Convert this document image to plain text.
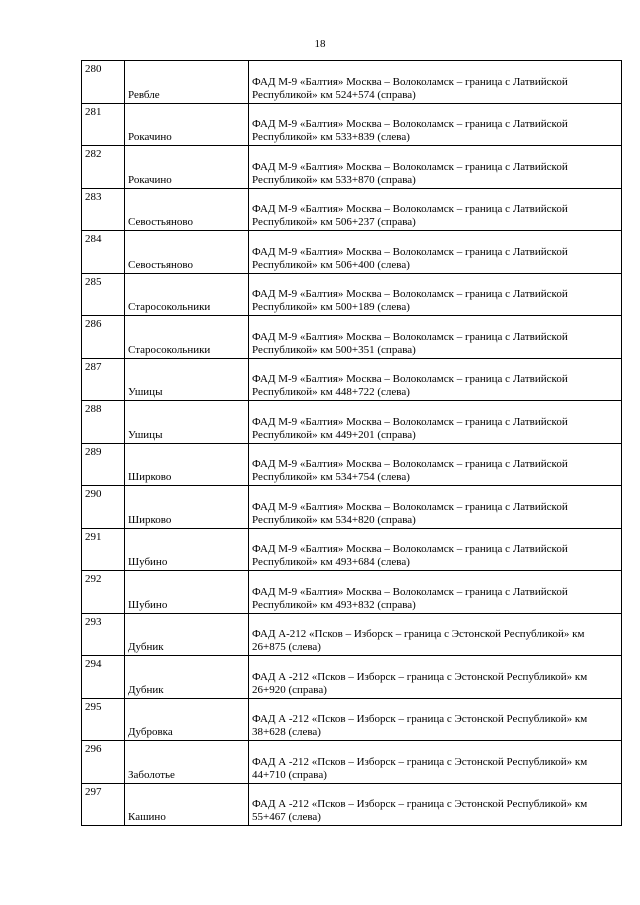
18
280	Ревбле	ФАД М-9 «Балтия» Москва – Волоколамск – граница с Латвийской Республикой» км 524+574 (справа)
281	Рокачино	ФАД М-9 «Балтия» Москва – Волоколамск – граница с Латвийской Республикой» км 533+839 (слева)
282	Рокачино	ФАД М-9 «Балтия» Москва – Волоколамск – граница с Латвийской Республикой» км 533+870 (справа)
283	Севостьяново	ФАД М-9 «Балтия» Москва – Волоколамск – граница с Латвийской Республикой» км 506+237 (справа)
284	Севостьяново	ФАД М-9 «Балтия» Москва – Волоколамск – граница с Латвийской Республикой» км 506+400 (слева)
285	Старосокольники	ФАД М-9 «Балтия» Москва – Волоколамск – граница с Латвийской Республикой» км 500+189 (слева)
286	Старосокольники	ФАД М-9 «Балтия» Москва – Волоколамск – граница с Латвийской Республикой» км 500+351 (справа)
287	Ушицы	ФАД М-9 «Балтия» Москва – Волоколамск – граница с Латвийской Республикой» км 448+722 (слева)
288	Ушицы	ФАД М-9 «Балтия» Москва – Волоколамск – граница с Латвийской Республикой» км 449+201 (справа)
289	Ширково	ФАД М-9 «Балтия» Москва – Волоколамск – граница с Латвийской Республикой» км 534+754 (слева)
290	Ширково	ФАД М-9 «Балтия» Москва – Волоколамск – граница с Латвийской Республикой» км 534+820 (справа)
291	Шубино	ФАД М-9 «Балтия» Москва – Волоколамск – граница с Латвийской Республикой» км 493+684 (слева)
292	Шубино	ФАД М-9 «Балтия» Москва – Волоколамск – граница с Латвийской Республикой» км 493+832 (справа)
293	Дубник	ФАД А-212 «Псков – Изборск – граница с Эстонской Республикой» км 26+875 (слева)
294	Дубник	ФАД А -212 «Псков – Изборск – граница с Эстонской Республикой» км 26+920 (справа)
295	Дубровка	ФАД А -212 «Псков – Изборск – граница с Эстонской Республикой» км 38+628 (слева)
296	Заболотье	ФАД А -212 «Псков – Изборск – граница с Эстонской Республикой» км 44+710 (справа)
297	Кашино	ФАД А -212 «Псков – Изборск – граница с Эстонской Республикой» км 55+467 (слева)
